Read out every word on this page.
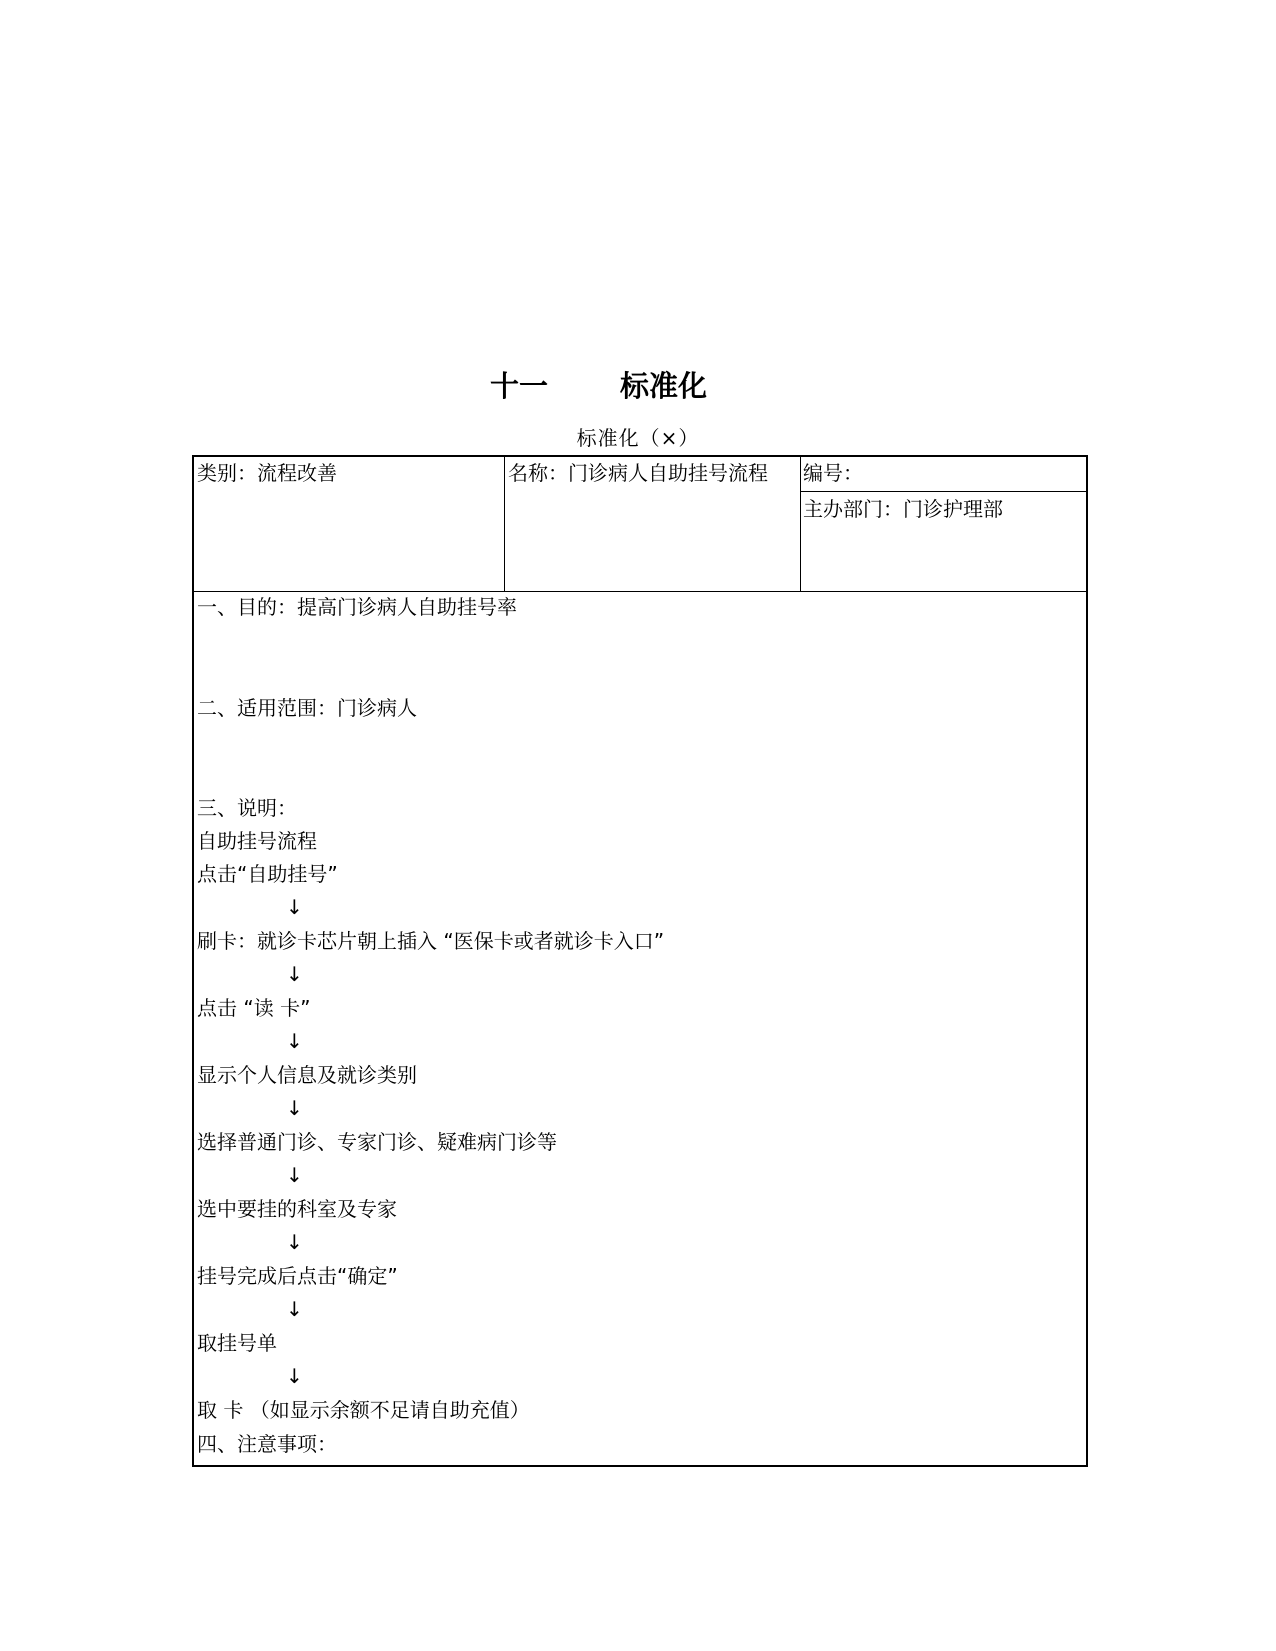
十一 标准化
标准化（×）
类别：流程改善	名称：门诊病人自助挂号流程 编号：
主办部门：门诊护理部
一、目的：提高门诊病人自助挂号率
二、适用范围：门诊病人
三、说明：
自助挂号流程
点击“自助挂号”
↓
刷卡：就诊卡芯片朝上插入 “医保卡或者就诊卡入口”
↓
点击 “读 卡”
↓
显示个人信息及就诊类别
↓
选择普通门诊、专家门诊、疑难病门诊等
↓
选中要挂的科室及专家
↓
挂号完成后点击“确定”
↓
取挂号单
↓
取 卡 （如显示余额不足请自助充值）
四、注意事项：
